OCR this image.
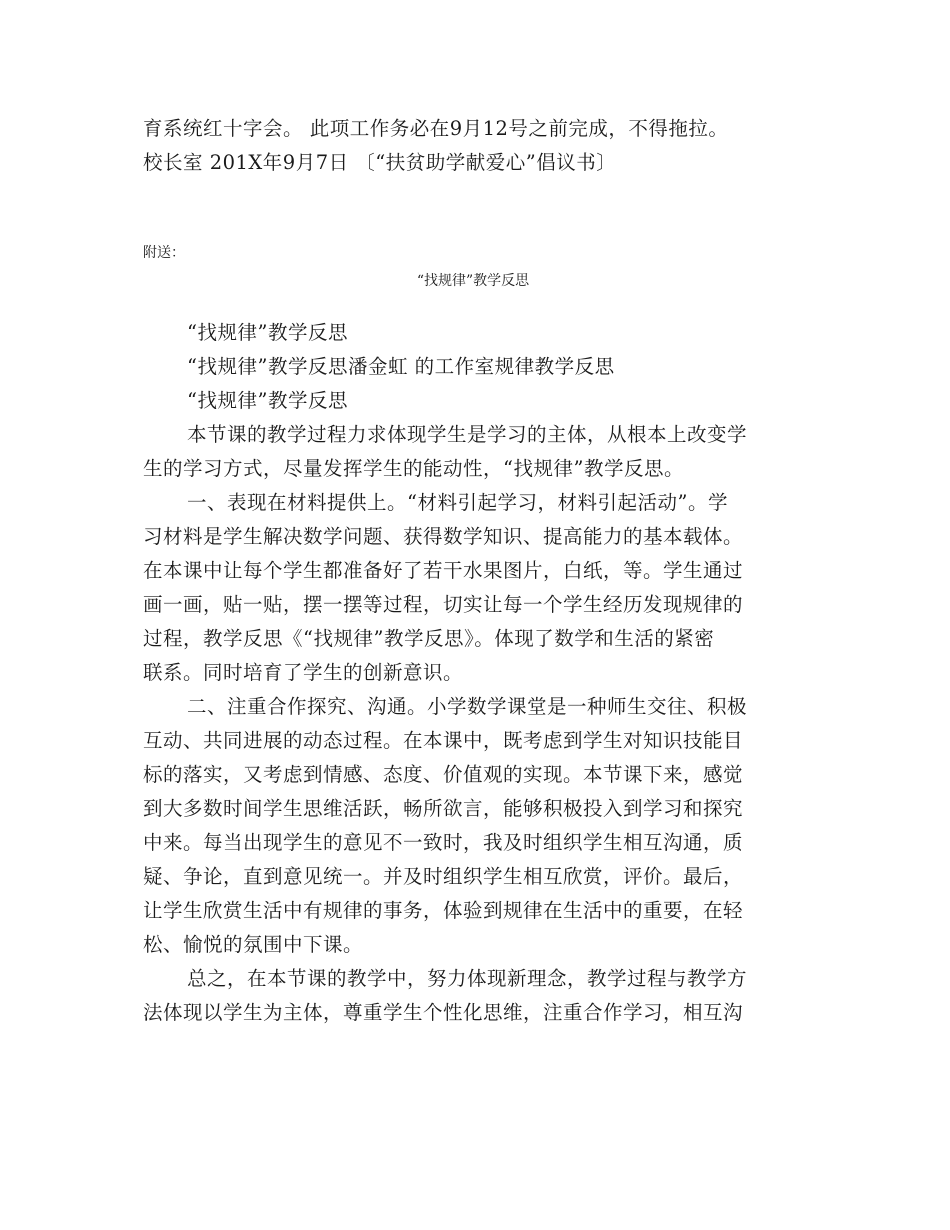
育系统红十字会。 此项工作务必在9月12号之前完成，不得拖拉。
校长室 201X年9月7日 〔“扶贫助学献爱心”倡议书〕
附送：
“找规律”教学反思
“找规律”教学反思
“找规律”教学反思潘金虹 的工作室规律教学反思
“找规律”教学反思
本节课的教学过程力求体现学生是学习的主体，从根本上改变学
生的学习方式，尽量发挥学生的能动性，“找规律”教学反思。
一、表现在材料提供上。“材料引起学习，材料引起活动”。学
习材料是学生解决数学问题、获得数学知识、提高能力的基本载体。
在本课中让每个学生都准备好了若干水果图片，白纸，等。学生通过
画一画，贴一贴，摆一摆等过程，切实让每一个学生经历发现规律的
过程，教学反思《“找规律”教学反思》。体现了数学和生活的紧密
联系。同时培育了学生的创新意识。
二、注重合作探究、沟通。小学数学课堂是一种师生交往、积极
互动、共同进展的动态过程。在本课中，既考虑到学生对知识技能目
标的落实，又考虑到情感、态度、价值观的实现。本节课下来，感觉
到大多数时间学生思维活跃，畅所欲言，能够积极投入到学习和探究
中来。每当出现学生的意见不一致时，我及时组织学生相互沟通，质
疑、争论，直到意见统一。并及时组织学生相互欣赏，评价。最后，
让学生欣赏生活中有规律的事务，体验到规律在生活中的重要，在轻
松、愉悦的氛围中下课。
总之，在本节课的教学中，努力体现新理念，教学过程与教学方
法体现以学生为主体，尊重学生个性化思维，注重合作学习，相互沟
